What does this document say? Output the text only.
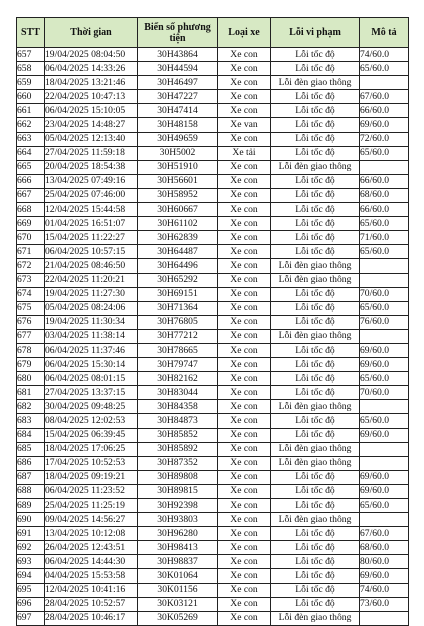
STT	Thời gian	Biển số phương tiện	Loại xe	Lỗi vi phạm	Mô tả
657	19/04/2025 08:04:50	30H43864	Xe con	Lỗi tốc độ	74/60.0
658	06/04/2025 14:33:26	30H44594	Xe con	Lỗi tốc độ	65/60.0
659	18/04/2025 13:21:46	30H46497	Xe con	Lỗi đèn giao thông	
660	22/04/2025 10:47:13	30H47227	Xe con	Lỗi tốc độ	67/60.0
661	06/04/2025 15:10:05	30H47414	Xe con	Lỗi tốc độ	66/60.0
662	23/04/2025 14:48:27	30H48158	Xe van	Lỗi tốc độ	69/60.0
663	05/04/2025 12:13:40	30H49659	Xe con	Lỗi tốc độ	72/60.0
664	27/04/2025 11:59:18	30H5002	Xe tải	Lỗi tốc độ	65/60.0
665	20/04/2025 18:54:38	30H51910	Xe con	Lỗi đèn giao thông	
666	13/04/2025 07:49:16	30H56601	Xe con	Lỗi tốc độ	66/60.0
667	25/04/2025 07:46:00	30H58952	Xe con	Lỗi tốc độ	68/60.0
668	12/04/2025 15:44:58	30H60667	Xe con	Lỗi tốc độ	66/60.0
669	01/04/2025 16:51:07	30H61102	Xe con	Lỗi tốc độ	65/60.0
670	15/04/2025 11:22:27	30H62839	Xe con	Lỗi tốc độ	71/60.0
671	06/04/2025 10:57:15	30H64487	Xe con	Lỗi tốc độ	65/60.0
672	21/04/2025 08:46:50	30H64496	Xe con	Lỗi đèn giao thông	
673	22/04/2025 11:20:21	30H65292	Xe con	Lỗi đèn giao thông	
674	19/04/2025 11:27:30	30H69151	Xe con	Lỗi tốc độ	70/60.0
675	05/04/2025 08:24:06	30H71364	Xe con	Lỗi tốc độ	65/60.0
676	19/04/2025 11:30:34	30H76805	Xe con	Lỗi tốc độ	76/60.0
677	03/04/2025 11:38:14	30H77212	Xe con	Lỗi đèn giao thông	
678	06/04/2025 11:37:46	30H78665	Xe con	Lỗi tốc độ	69/60.0
679	06/04/2025 15:30:14	30H79747	Xe con	Lỗi tốc độ	69/60.0
680	06/04/2025 08:01:15	30H82162	Xe con	Lỗi tốc độ	65/60.0
681	27/04/2025 13:37:15	30H83044	Xe con	Lỗi tốc độ	70/60.0
682	30/04/2025 09:48:25	30H84358	Xe con	Lỗi đèn giao thông	
683	08/04/2025 12:02:53	30H84873	Xe con	Lỗi tốc độ	65/60.0
684	15/04/2025 06:39:45	30H85852	Xe con	Lỗi tốc độ	69/60.0
685	18/04/2025 17:06:25	30H85892	Xe con	Lỗi đèn giao thông	
686	17/04/2025 10:52:53	30H87352	Xe con	Lỗi đèn giao thông	
687	18/04/2025 09:19:21	30H89808	Xe con	Lỗi tốc độ	69/60.0
688	06/04/2025 11:23:52	30H89815	Xe con	Lỗi tốc độ	69/60.0
689	25/04/2025 11:25:19	30H92398	Xe con	Lỗi tốc độ	65/60.0
690	09/04/2025 14:56:27	30H93803	Xe con	Lỗi đèn giao thông	
691	13/04/2025 10:12:08	30H96280	Xe con	Lỗi tốc độ	67/60.0
692	26/04/2025 12:43:51	30H98413	Xe con	Lỗi tốc độ	68/60.0
693	06/04/2025 14:44:30	30H98837	Xe con	Lỗi tốc độ	80/60.0
694	04/04/2025 15:53:58	30K01064	Xe con	Lỗi tốc độ	69/60.0
695	12/04/2025 10:41:16	30K01156	Xe con	Lỗi tốc độ	74/60.0
696	28/04/2025 10:52:57	30K03121	Xe con	Lỗi tốc độ	73/60.0
697	28/04/2025 10:46:17	30K05269	Xe con	Lỗi đèn giao thông	
